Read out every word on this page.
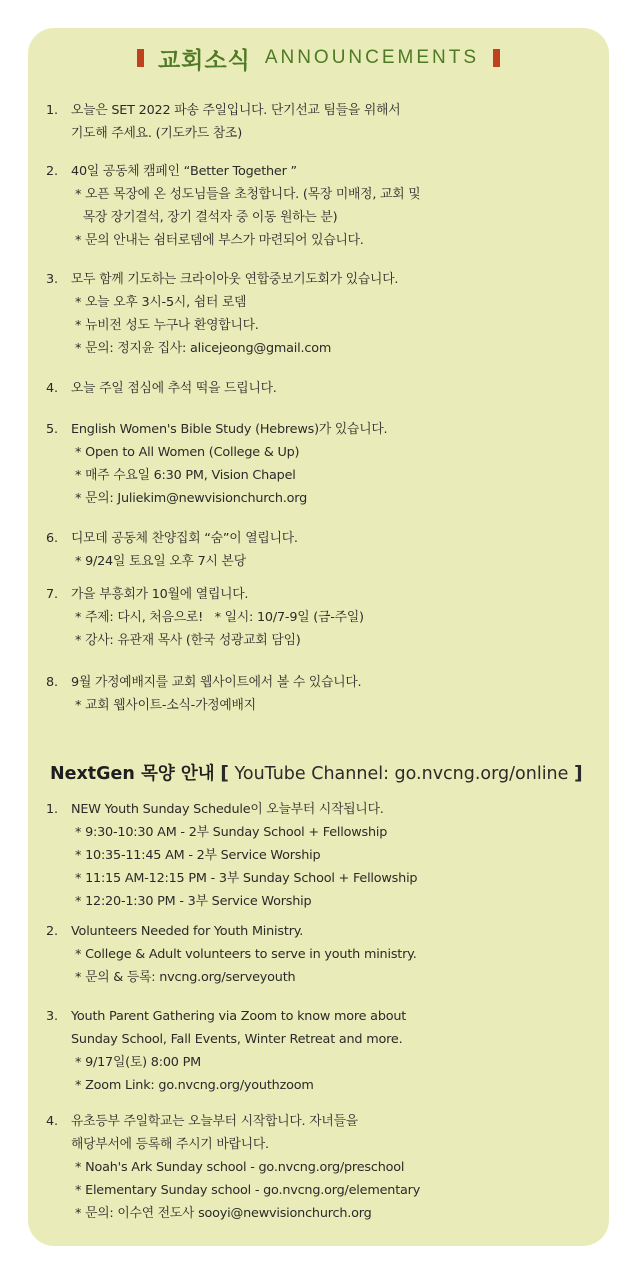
교회소식 ANNOUNCEMENTS
1. 오늘은 SET 2022 파송 주일입니다. 단기선교 팀들을 위해서
기도해 주세요. (기도카드 참조)
2. 40일 공동체 캠페인 “Better Together ”
* 오픈 목장에 온 성도님들을 초청합니다. (목장 미배정, 교회 및
목장 장기결석, 장기 결석자 중 이동 원하는 분)
* 문의 안내는 쉼터로뎀에 부스가 마련되어 있습니다.
3. 모두 함께 기도하는 크라이아웃 연합중보기도회가 있습니다.
* 오늘 오후 3시-5시, 쉼터 로뎀
* 뉴비전 성도 누구나 환영합니다.
* 문의: 정지윤 집사: alicejeong@gmail.com
4. 오늘 주일 점심에 추석 떡을 드립니다.
5. English Women's Bible Study (Hebrews)가 있습니다.
* Open to All Women (College & Up)
* 매주 수요일 6:30 PM, Vision Chapel
* 문의: Juliekim@newvisionchurch.org
6. 디모데 공동체 찬양집회 “숨”이 열립니다.
* 9/24일 토요일 오후 7시 본당
7. 가을 부흥회가 10월에 열립니다.
* 주제: 다시, 처음으로!   * 일시: 10/7-9일 (금-주일)
* 강사: 유관재 목사 (한국 성광교회 담임)
8. 9월 가정예배지를 교회 웹사이트에서 볼 수 있습니다.
* 교회 웹사이트-소식-가정예배지
NextGen 목양 안내 [ YouTube Channel: go.nvcng.org/online ]
1. NEW Youth Sunday Schedule이 오늘부터 시작됩니다.
* 9:30-10:30 AM - 2부 Sunday School + Fellowship
* 10:35-11:45 AM - 2부 Service Worship
* 11:15 AM-12:15 PM - 3부 Sunday School + Fellowship
* 12:20-1:30 PM - 3부 Service Worship
2. Volunteers Needed for Youth Ministry.
* College & Adult volunteers to serve in youth ministry.
* 문의 & 등록: nvcng.org/serveyouth
3. Youth Parent Gathering via Zoom to know more about
Sunday School, Fall Events, Winter Retreat and more.
* 9/17일(토) 8:00 PM
* Zoom Link: go.nvcng.org/youthzoom
4. 유초등부 주일학교는 오늘부터 시작합니다. 자녀들을
해당부서에 등록해 주시기 바랍니다.
* Noah's Ark Sunday school - go.nvcng.org/preschool
* Elementary Sunday school - go.nvcng.org/elementary
* 문의: 이수연 전도사 sooyi@newvisionchurch.org
